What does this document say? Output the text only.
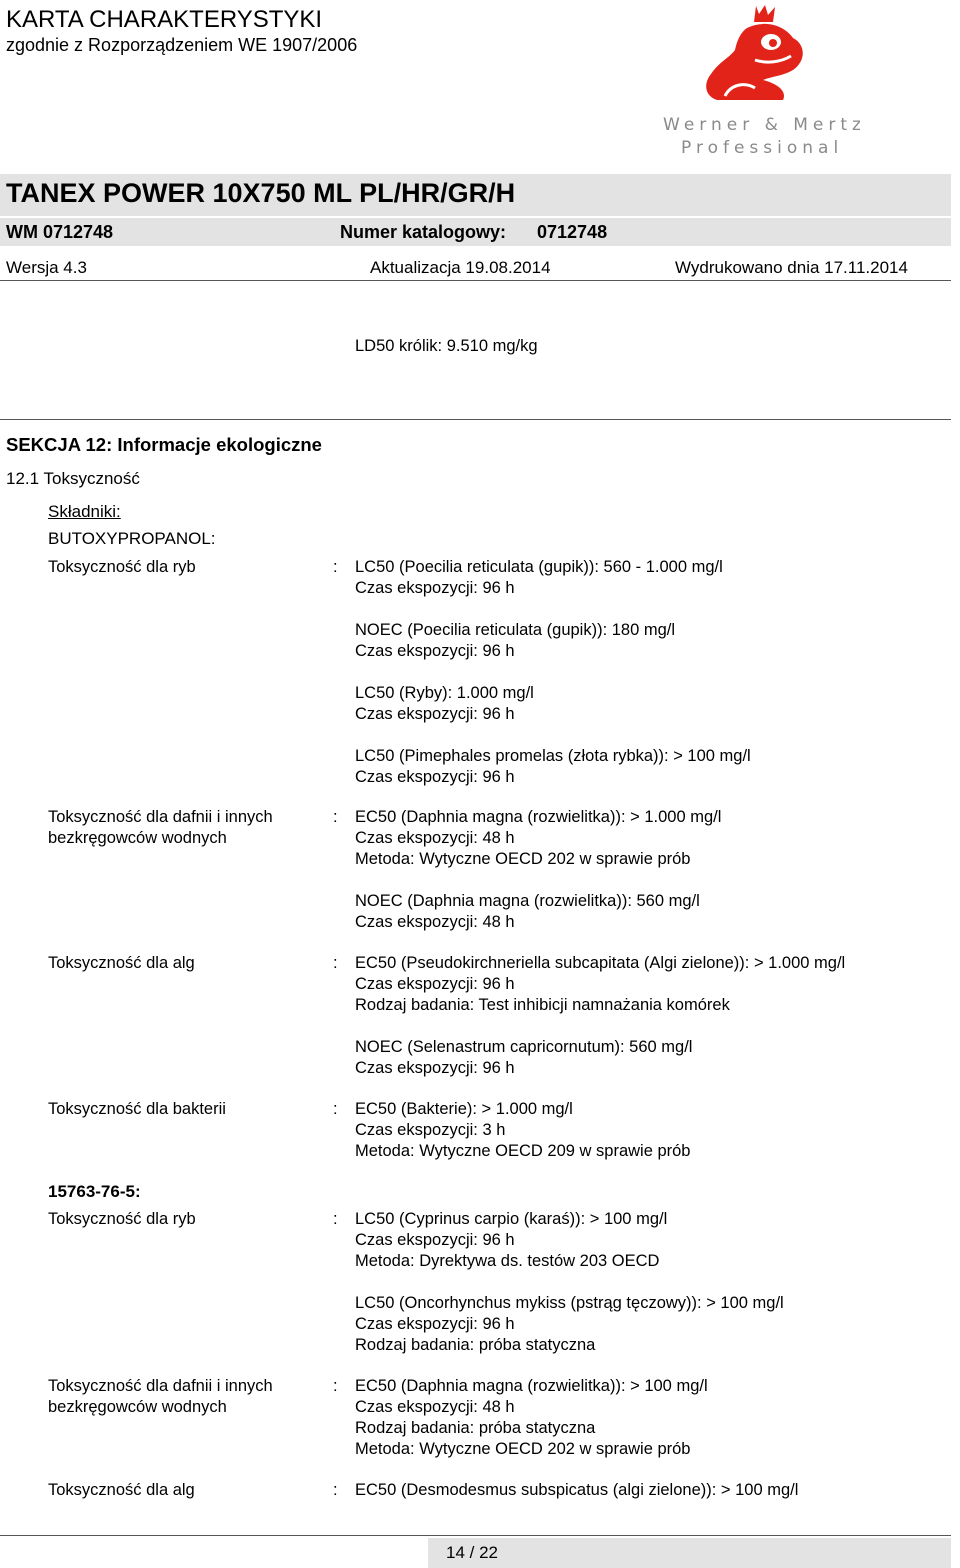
KARTA CHARAKTERYSTYKI
zgodnie z Rozporządzeniem WE 1907/2006
Werner & Mertz
Professional
TANEX POWER 10X750 ML PL/HR/GR/H
WM 0712748	Numer katalogowy: 0712748
Wersja 4.3	Aktualizacja 19.08.2014	Wydrukowano dnia 17.11.2014
LD50 królik: 9.510 mg/kg
SEKCJA 12: Informacje ekologiczne
12.1 Toksyczność
Składniki:
BUTOXYPROPANOL:
Toksyczność dla ryb	: LC50 (Poecilia reticulata (gupik)): 560 - 1.000 mg/l
Czas ekspozycji: 96 h
NOEC (Poecilia reticulata (gupik)): 180 mg/l
Czas ekspozycji: 96 h
LC50 (Ryby): 1.000 mg/l
Czas ekspozycji: 96 h
LC50 (Pimephales promelas (złota rybka)): > 100 mg/l
Czas ekspozycji: 96 h
Toksyczność dla dafnii i innych bezkręgowców wodnych
: EC50 (Daphnia magna (rozwielitka)): > 1.000 mg/l
Czas ekspozycji: 48 h
Metoda: Wytyczne OECD 202 w sprawie prób
NOEC (Daphnia magna (rozwielitka)): 560 mg/l
Czas ekspozycji: 48 h
Toksyczność dla alg	: EC50 (Pseudokirchneriella subcapitata (Algi zielone)): > 1.000 mg/l
Czas ekspozycji: 96 h
Rodzaj badania: Test inhibicji namnażania komórek
NOEC (Selenastrum capricornutum): 560 mg/l
Czas ekspozycji: 96 h
Toksyczność dla bakterii	: EC50 (Bakterie): > 1.000 mg/l
Czas ekspozycji: 3 h
Metoda: Wytyczne OECD 209 w sprawie prób
15763-76-5:
Toksyczność dla ryb	: LC50 (Cyprinus carpio (karaś)): > 100 mg/l
Czas ekspozycji: 96 h
Metoda: Dyrektywa ds. testów 203 OECD
LC50 (Oncorhynchus mykiss (pstrąg tęczowy)): > 100 mg/l
Czas ekspozycji: 96 h
Rodzaj badania: próba statyczna
Toksyczność dla dafnii i innych bezkręgowców wodnych
: EC50 (Daphnia magna (rozwielitka)): > 100 mg/l
Czas ekspozycji: 48 h
Rodzaj badania: próba statyczna
Metoda: Wytyczne OECD 202 w sprawie prób
Toksyczność dla alg	: EC50 (Desmodesmus subspicatus (algi zielone)): > 100 mg/l
14 / 22
